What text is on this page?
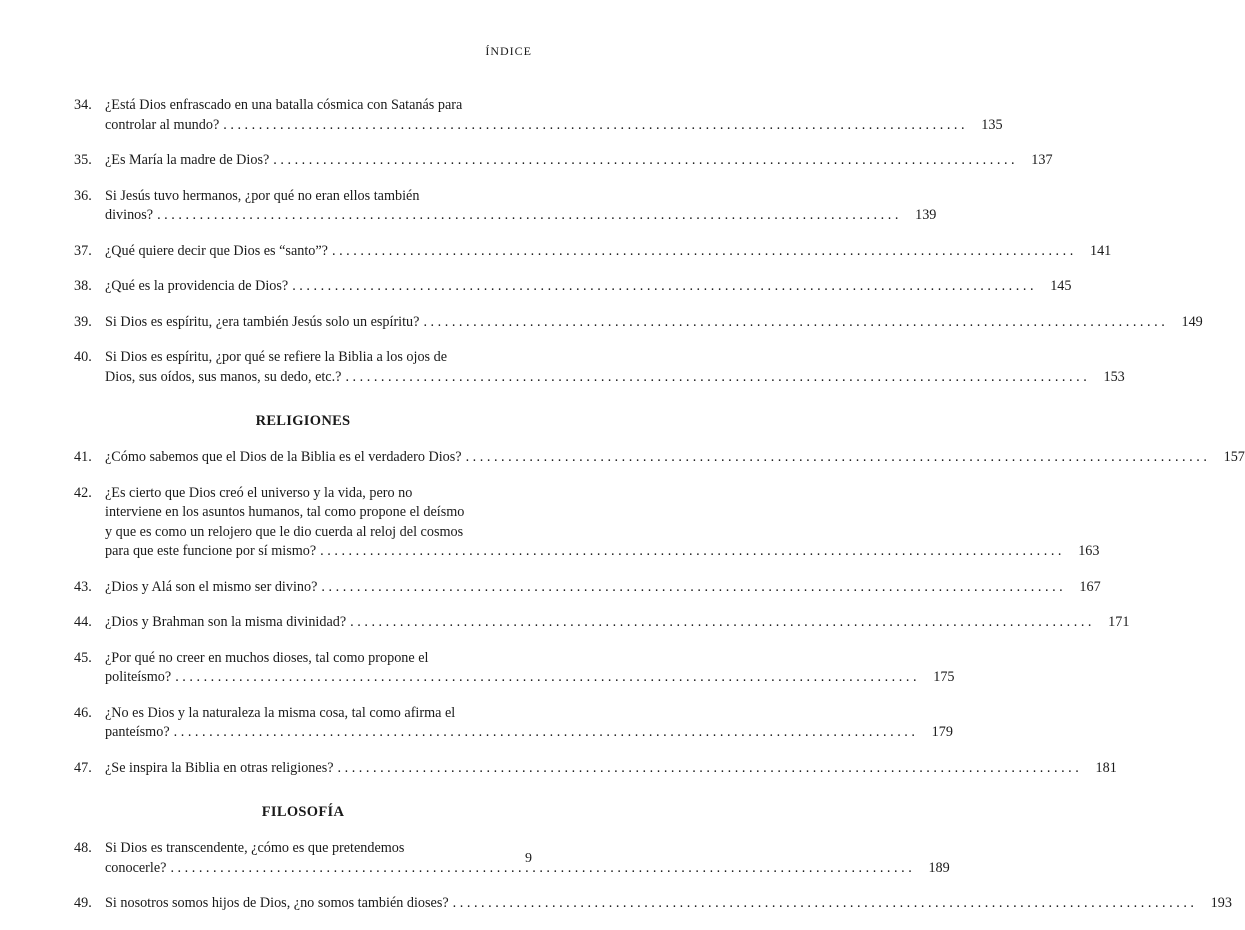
ÍNDICE
34. ¿Está Dios enfrascado en una batalla cósmica con Satanás para
controlar al mundo? . . .	135
35. ¿Es María la madre de Dios? . . .	137
36. Si Jesús tuvo hermanos, ¿por qué no eran ellos también
divinos? . . .	139
37. ¿Qué quiere decir que Dios es “santo”? . . .	141
38. ¿Qué es la providencia de Dios? . . .	145
39. Si Dios es espíritu, ¿era también Jesús solo un espíritu? . . .	149
40. Si Dios es espíritu, ¿por qué se refiere la Biblia a los ojos de
Dios, sus oídos, sus manos, su dedo, etc.? . . .	153
RELIGIONES
41. ¿Cómo sabemos que el Dios de la Biblia es el verdadero Dios? . . .	157
42. ¿Es cierto que Dios creó el universo y la vida, pero no
interviene en los asuntos humanos, tal como propone el deísmo
y que es como un relojero que le dio cuerda al reloj del cosmos
para que este funcione por sí mismo? . . .	163
43. ¿Dios y Alá son el mismo ser divino? . . .	167
44. ¿Dios y Brahman son la misma divinidad? . . .	171
45. ¿Por qué no creer en muchos dioses, tal como propone el
politeísmo? . . .	175
46. ¿No es Dios y la naturaleza la misma cosa, tal como afirma el
panteísmo? . . .	179
47. ¿Se inspira la Biblia en otras religiones? . . .	181
FILOSOFÍA
48. Si Dios es transcendente, ¿cómo es que pretendemos
conocerle? . . .	189
49. Si nosotros somos hijos de Dios, ¿no somos también dioses? . . .	193
9
